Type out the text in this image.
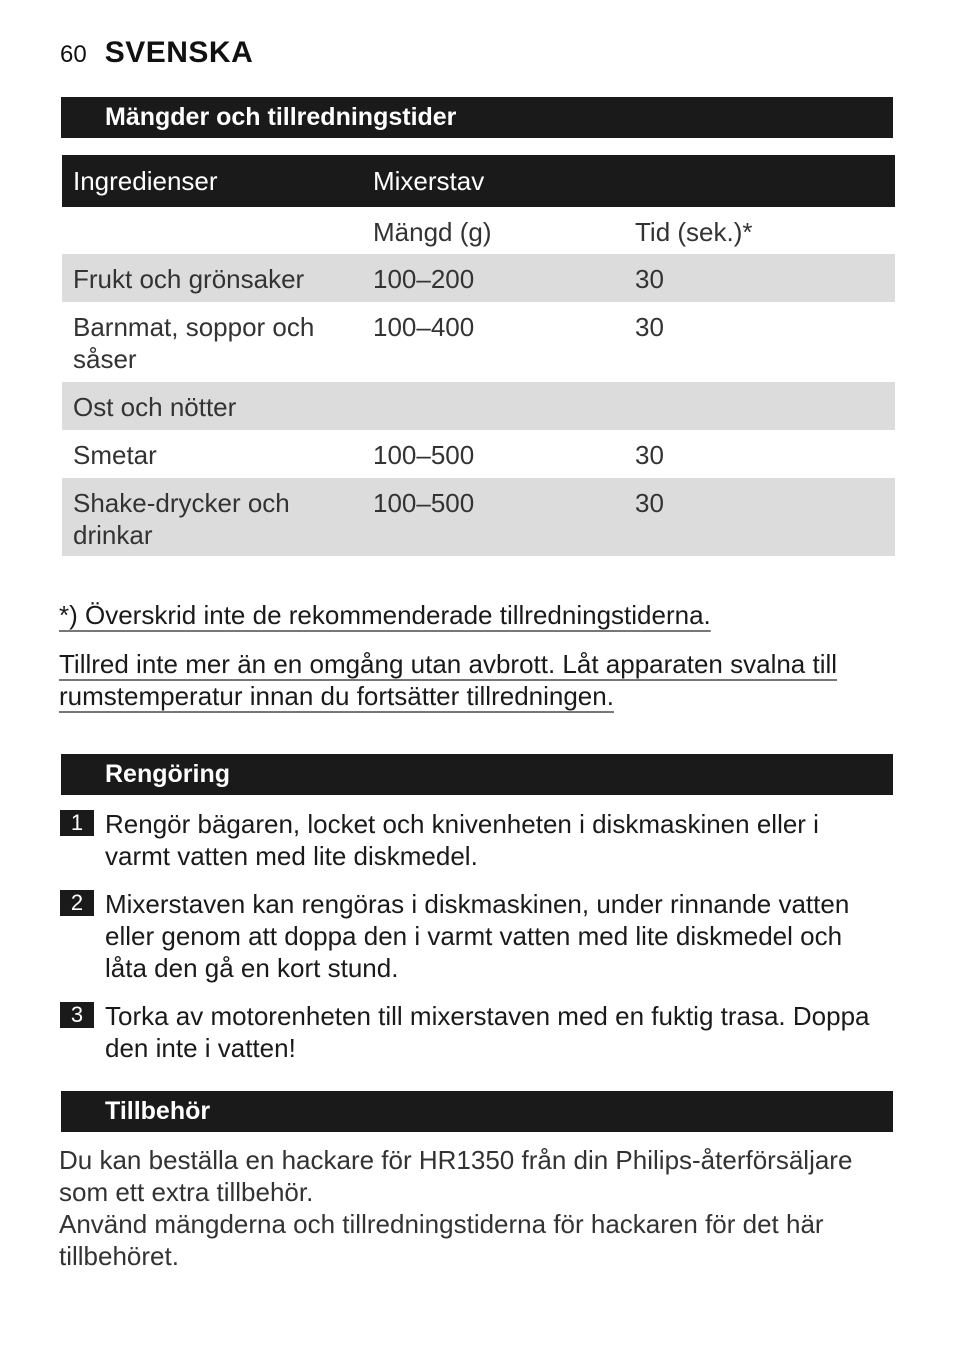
60 SVENSKA
Mängder och tillredningstider
Ingredienser	Mixerstav	
	Mängd (g)	Tid (sek.)*
Frukt och grönsaker	100–200	30
Barnmat, soppor och såser	100–400	30
Ost och nötter		
Smetar	100–500	30
Shake-drycker och drinkar	100–500	30
*) Överskrid inte de rekommenderade tillredningstiderna.
Tillred inte mer än en omgång utan avbrott. Låt apparaten svalna till
rumstemperatur innan du fortsätter tillredningen.
Rengöring
1 Rengör bägaren, locket och knivenheten i diskmaskinen eller i varmt vatten med lite diskmedel.
2 Mixerstaven kan rengöras i diskmaskinen, under rinnande vatten eller genom att doppa den i varmt vatten med lite diskmedel och låta den gå en kort stund.
3 Torka av motorenheten till mixerstaven med en fuktig trasa. Doppa den inte i vatten!
Tillbehör
Du kan beställa en hackare för HR1350 från din Philips-återförsäljare som ett extra tillbehör.
Använd mängderna och tillredningstiderna för hackaren för det här tillbehöret.
